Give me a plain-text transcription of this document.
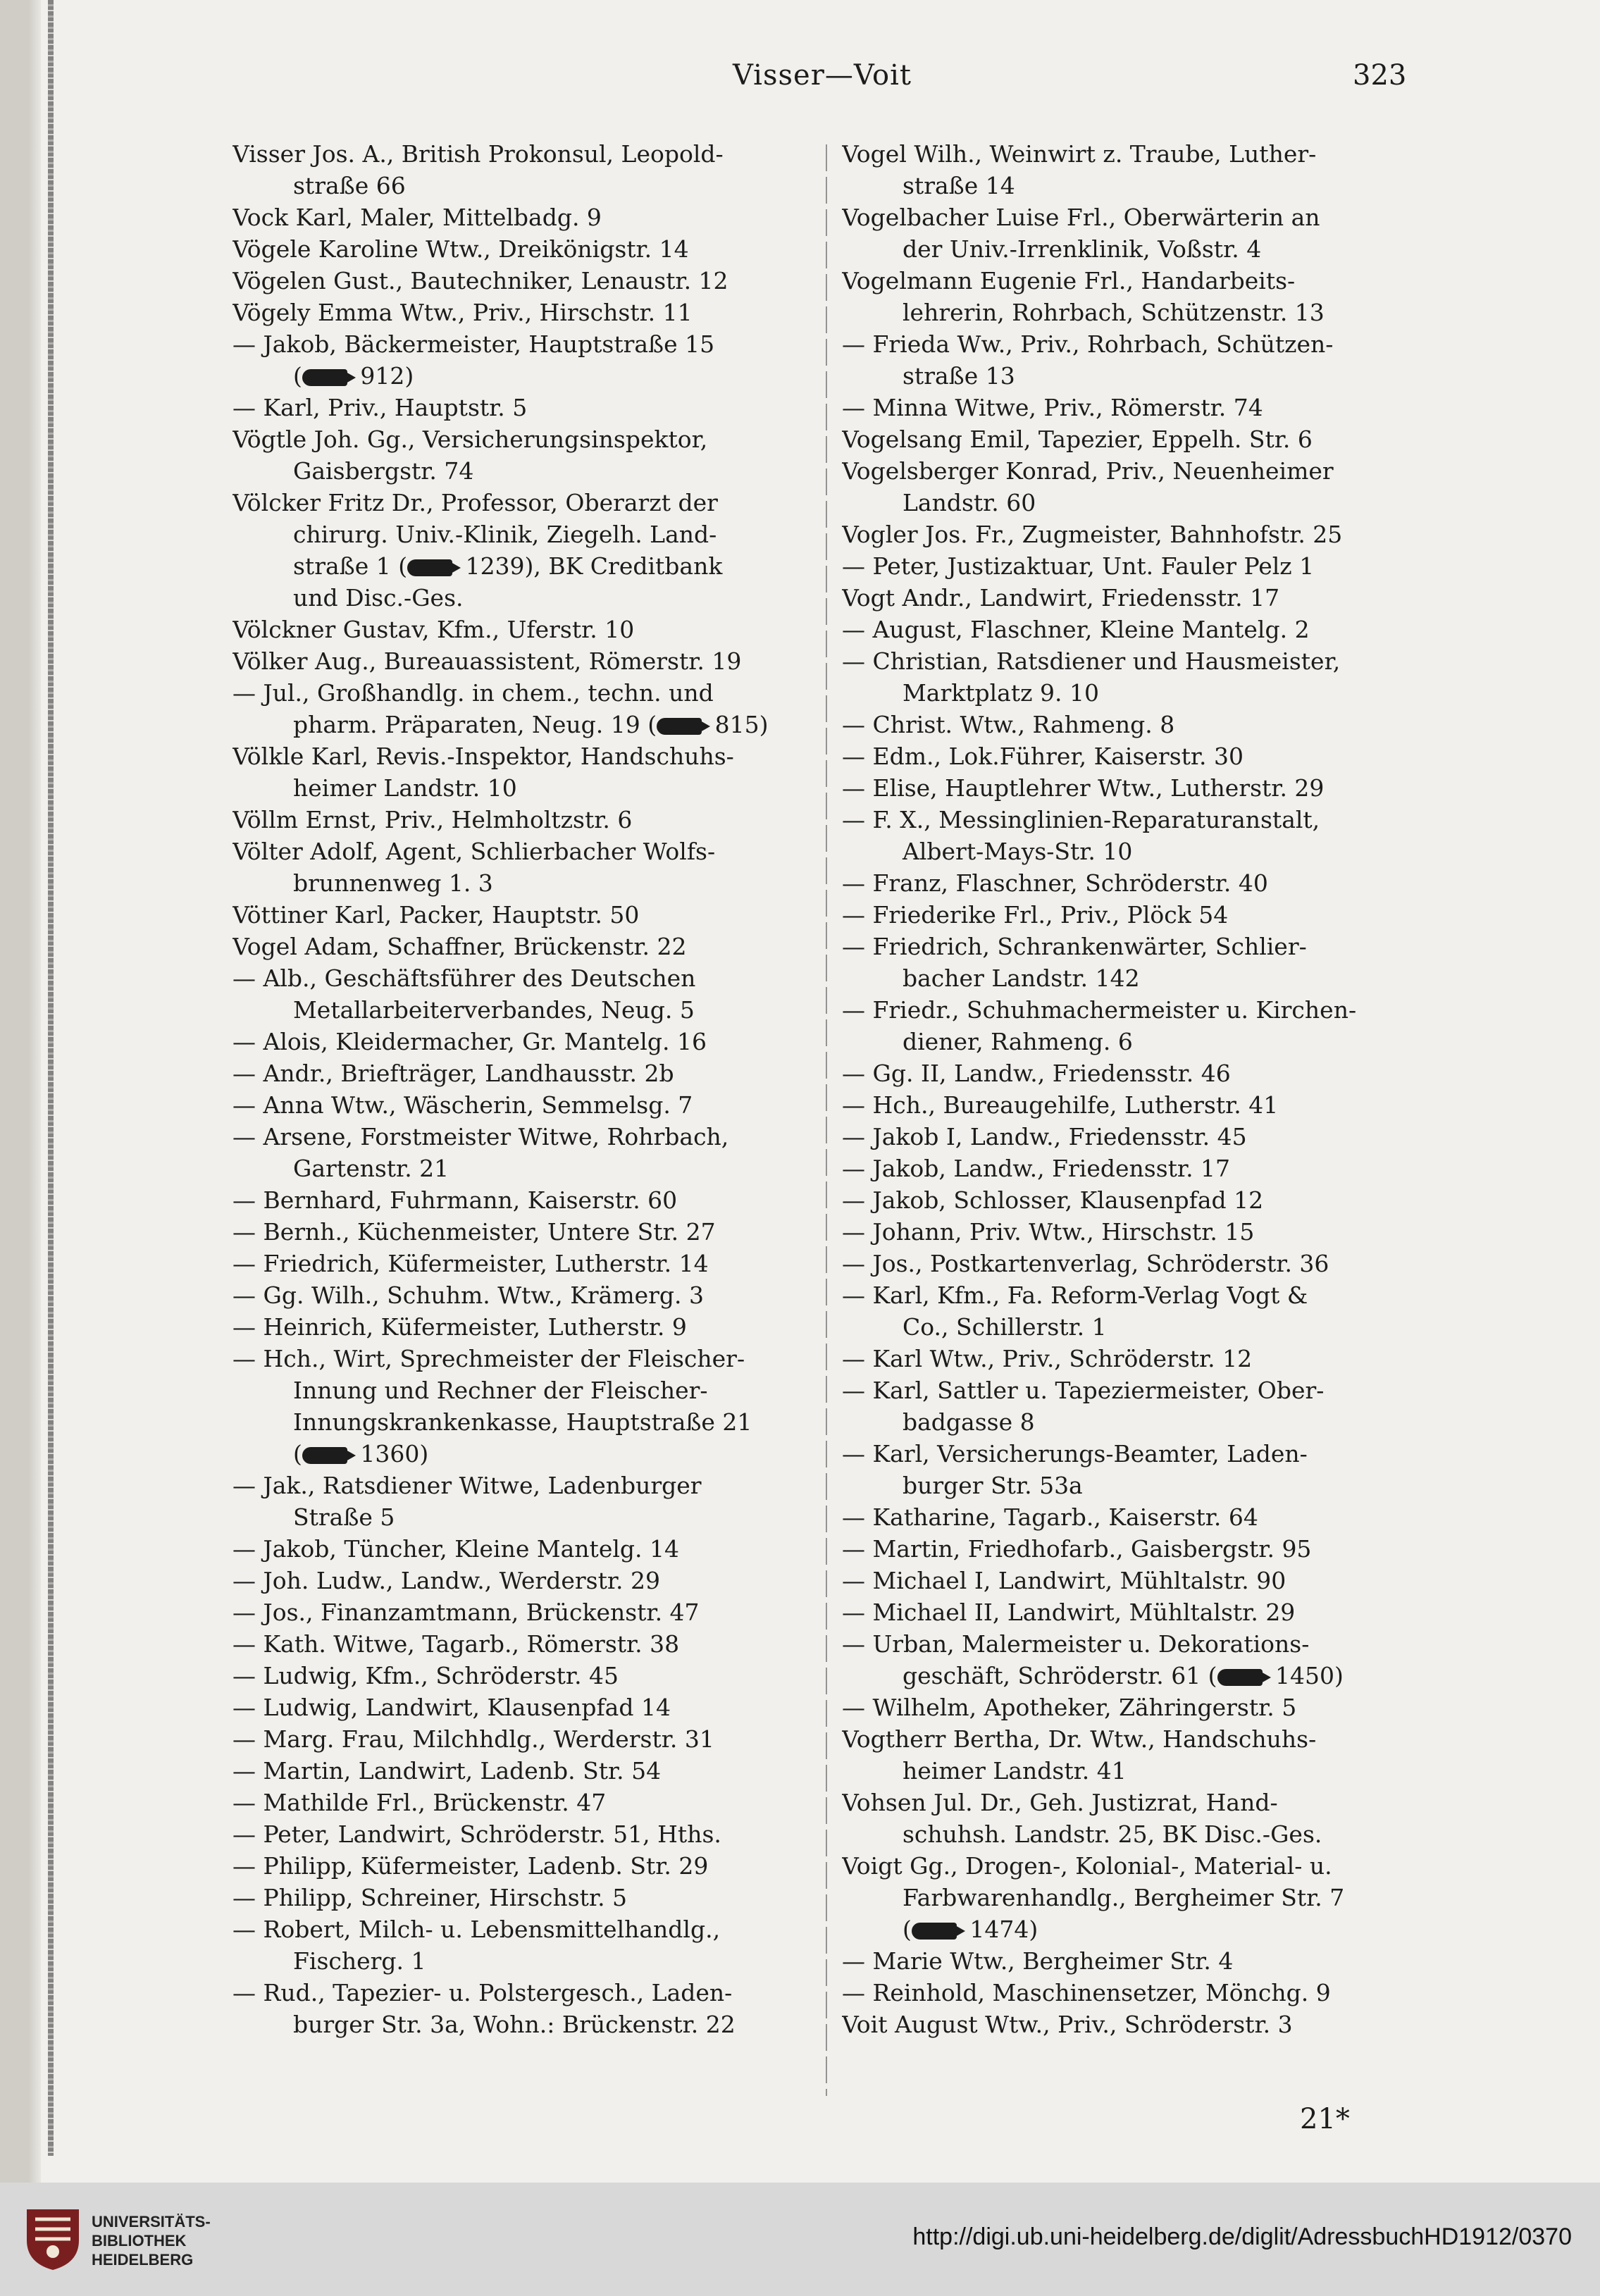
Visser—Voit	323
Visser Jos. A., British Prokonsul, Leopold-
straße 66
Vock Karl, Maler, Mittelbadg. 9
Vögele Karoline Wtw., Dreikönigstr. 14
Vögelen Gust., Bautechniker, Lenaustr. 12
Vögely Emma Wtw., Priv., Hirschstr. 11
— Jakob, Bäckermeister, Hauptstraße 15
( 912)
— Karl, Priv., Hauptstr. 5
Vögtle Joh. Gg., Versicherungsinspektor,
Gaisbergstr. 74
Völcker Fritz Dr., Professor, Oberarzt der
chirurg. Univ.-Klinik, Ziegelh. Land-
straße 1 ( 1239), BK Creditbank
und Disc.-Ges.
Völckner Gustav, Kfm., Uferstr. 10
Völker Aug., Bureauassistent, Römerstr. 19
— Jul., Großhandlg. in chem., techn. und
pharm. Präparaten, Neug. 19 ( 815)
Völkle Karl, Revis.-Inspektor, Handschuhs-
heimer Landstr. 10
Völlm Ernst, Priv., Helmholtzstr. 6
Völter Adolf, Agent, Schlierbacher Wolfs-
brunnenweg 1. 3
Vöttiner Karl, Packer, Hauptstr. 50
Vogel Adam, Schaffner, Brückenstr. 22
— Alb., Geschäftsführer des Deutschen
Metallarbeiterverbandes, Neug. 5
— Alois, Kleidermacher, Gr. Mantelg. 16
— Andr., Briefträger, Landhausstr. 2b
— Anna Wtw., Wäscherin, Semmelsg. 7
— Arsene, Forstmeister Witwe, Rohrbach,
Gartenstr. 21
— Bernhard, Fuhrmann, Kaiserstr. 60
— Bernh., Küchenmeister, Untere Str. 27
— Friedrich, Küfermeister, Lutherstr. 14
— Gg. Wilh., Schuhm. Wtw., Krämerg. 3
— Heinrich, Küfermeister, Lutherstr. 9
— Hch., Wirt, Sprechmeister der Fleischer-
Innung und Rechner der Fleischer-
Innungskrankenkasse, Hauptstraße 21
( 1360)
— Jak., Ratsdiener Witwe, Ladenburger
Straße 5
— Jakob, Tüncher, Kleine Mantelg. 14
— Joh. Ludw., Landw., Werderstr. 29
— Jos., Finanzamtmann, Brückenstr. 47
— Kath. Witwe, Tagarb., Römerstr. 38
— Ludwig, Kfm., Schröderstr. 45
— Ludwig, Landwirt, Klausenpfad 14
— Marg. Frau, Milchhdlg., Werderstr. 31
— Martin, Landwirt, Ladenb. Str. 54
— Mathilde Frl., Brückenstr. 47
— Peter, Landwirt, Schröderstr. 51, Hths.
— Philipp, Küfermeister, Ladenb. Str. 29
— Philipp, Schreiner, Hirschstr. 5
— Robert, Milch- u. Lebensmittelhandlg.,
Fischerg. 1
— Rud., Tapezier- u. Polstergesch., Laden-
burger Str. 3a, Wohn.: Brückenstr. 22
Vogel Wilh., Weinwirt z. Traube, Luther-
straße 14
Vogelbacher Luise Frl., Oberwärterin an
der Univ.-Irrenklinik, Voßstr. 4
Vogelmann Eugenie Frl., Handarbeits-
lehrerin, Rohrbach, Schützenstr. 13
— Frieda Ww., Priv., Rohrbach, Schützen-
straße 13
— Minna Witwe, Priv., Römerstr. 74
Vogelsang Emil, Tapezier, Eppelh. Str. 6
Vogelsberger Konrad, Priv., Neuenheimer
Landstr. 60
Vogler Jos. Fr., Zugmeister, Bahnhofstr. 25
— Peter, Justizaktuar, Unt. Fauler Pelz 1
Vogt Andr., Landwirt, Friedensstr. 17
— August, Flaschner, Kleine Mantelg. 2
— Christian, Ratsdiener und Hausmeister,
Marktplatz 9. 10
— Christ. Wtw., Rahmeng. 8
— Edm., Lok.Führer, Kaiserstr. 30
— Elise, Hauptlehrer Wtw., Lutherstr. 29
— F. X., Messinglinien-Reparaturanstalt,
Albert-Mays-Str. 10
— Franz, Flaschner, Schröderstr. 40
— Friederike Frl., Priv., Plöck 54
— Friedrich, Schrankenwärter, Schlier-
bacher Landstr. 142
— Friedr., Schuhmachermeister u. Kirchen-
diener, Rahmeng. 6
— Gg. II, Landw., Friedensstr. 46
— Hch., Bureaugehilfe, Lutherstr. 41
— Jakob I, Landw., Friedensstr. 45
— Jakob, Landw., Friedensstr. 17
— Jakob, Schlosser, Klausenpfad 12
— Johann, Priv. Wtw., Hirschstr. 15
— Jos., Postkartenverlag, Schröderstr. 36
— Karl, Kfm., Fa. Reform-Verlag Vogt &
Co., Schillerstr. 1
— Karl Wtw., Priv., Schröderstr. 12
— Karl, Sattler u. Tapeziermeister, Ober-
badgasse 8
— Karl, Versicherungs-Beamter, Laden-
burger Str. 53a
— Katharine, Tagarb., Kaiserstr. 64
— Martin, Friedhofarb., Gaisbergstr. 95
— Michael I, Landwirt, Mühltalstr. 90
— Michael II, Landwirt, Mühltalstr. 29
— Urban, Malermeister u. Dekorations-
geschäft, Schröderstr. 61 ( 1450)
— Wilhelm, Apotheker, Zähringerstr. 5
Vogtherr Bertha, Dr. Wtw., Handschuhs-
heimer Landstr. 41
Vohsen Jul. Dr., Geh. Justizrat, Hand-
schuhsh. Landstr. 25, BK Disc.-Ges.
Voigt Gg., Drogen-, Kolonial-, Material- u.
Farbwarenhandlg., Bergheimer Str. 7
( 1474)
— Marie Wtw., Bergheimer Str. 4
— Reinhold, Maschinensetzer, Mönchg. 9
Voit August Wtw., Priv., Schröderstr. 3
21*
UNIVERSITÄTS-
BIBLIOTHEK
HEIDELBERG
http://digi.ub.uni-heidelberg.de/diglit/AdressbuchHD1912/0370
